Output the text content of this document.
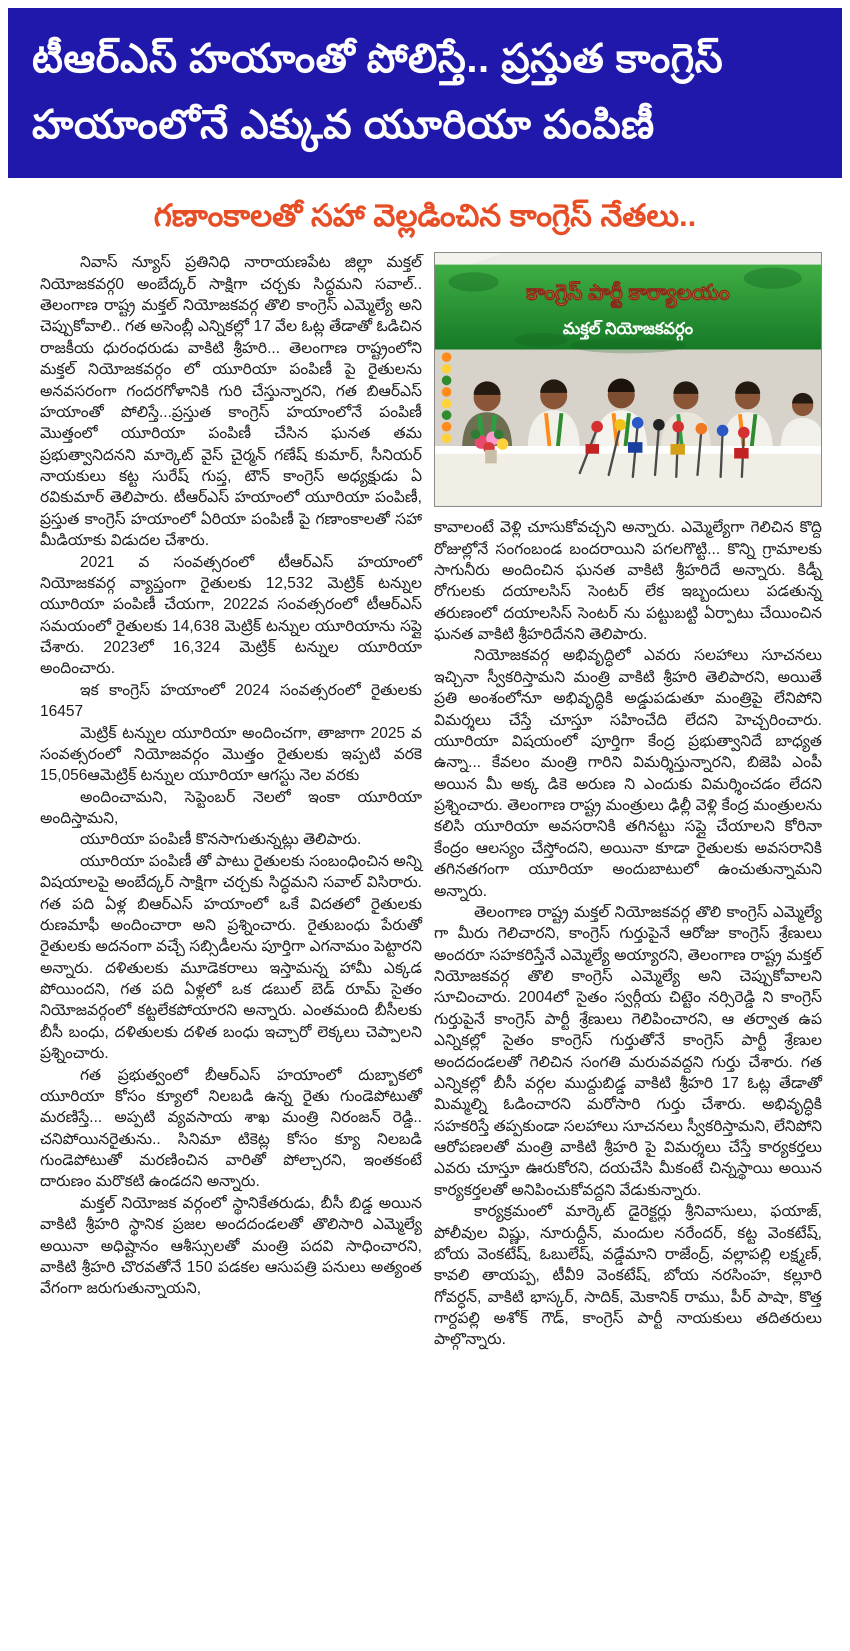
టీఆర్ఎస్ హయాంతో పోలిస్తే.. ప్రస్తుత కాంగ్రెస్
హయాంలోనే ఎక్కువ యూరియా పంపిణీ
గణాంకాలతో సహా వెల్లడించిన కాంగ్రెస్ నేతలు..

నివాస్ న్యూస్ ప్రతినిధి నారాయణపేట జిల్లా మక్తల్ నియోజకవర్గ0 అంబేద్కర్ సాక్షిగా చర్చకు సిద్ధమని సవాల్.. తెలంగాణ రాష్ట్ర మక్తల్ నియోజకవర్గ తొలి కాంగ్రెస్ ఎమ్మెల్యే అని చెప్పుకోవాలి.. గత అసెంబ్లీ ఎన్నికల్లో 17 వేల ఓట్ల తేడాతో ఓడిచిన రాజకీయ ధురంధరుడు వాకిటి శ్రీహరి... తెలంగాణ రాష్ట్రంలోని మక్తల్ నియోజకవర్గం లో యూరియా పంపిణీ పై రైతులను అనవసరంగా గందరగోళానికి గురి చేస్తున్నారని, గత బిఆర్ఎస్ హయాంతో పోలిస్తే...ప్రస్తుత కాంగ్రెస్ హయాంలోనే పంపిణీ మొత్తంలో యూరియా పంపిణీ చేసిన ఘనత తమ ప్రభుత్వానిదనని మార్కెట్ వైస్ చైర్మన్ గణేష్ కుమార్, సీనియర్ నాయకులు కట్ట సురేష్ గుప్త, టౌన్ కాంగ్రెస్ అధ్యక్షుడు ఏ రవికుమార్ తెలిపారు. టీఆర్ఎస్ హయాంలో యూరియా పంపిణీ, ప్రస్తుత కాంగ్రెస్ హయాంలో ఏరియా పంపిణీ పై గణాంకాలతో సహా మీడియాకు విడుదల చేశారు.

2021 వ సంవత్సరంలో టీఆర్ఎస్ హయాంలో నియోజకవర్గ వ్యాప్తంగా రైతులకు 12,532 మెట్రిక్ టన్నుల యూరియా పంపిణీ చేయగా, 2022వ సంవత్సరంలో టీఆర్ఎస్ సమయంలో రైతులకు 14,638 మెట్రిక్ టన్నుల యూరియాను సప్లై చేశారు. 2023లో 16,324 మెట్రిక్ టన్నుల యూరియా అందించారు.

ఇక కాంగ్రెస్ హయాంలో 2024 సంవత్సరంలో రైతులకు 16457

మెట్రిక్ టన్నుల యూరియా అందించగా, తాజాగా 2025 వ సంవత్సరంలో నియోజవర్గం మొత్తం రైతులకు ఇప్పటి వరకె 15,056ఆమెట్రిక్ టన్నుల యూరియా ఆగస్టు నెల వరకు

అందించామని, సెప్టెంబర్ నెలలో ఇంకా యూరియా అందిస్తామని,

యూరియా పంపిణీ కొనసాగుతున్నట్లు తెలిపారు.

యూరియా పంపిణీ తో పాటు రైతులకు సంబంధించిన అన్ని విషయాలపై అంబేద్కర్ సాక్షిగా చర్చకు సిద్ధమని సవాల్ విసిరారు. గత పది ఏళ్ల బిఆర్ఎస్ హయాంలో ఒకే విదతలో రైతులకు రుణమాఫీ అందించారా అని ప్రశ్నించారు. రైతుబంధు పేరుతో రైతులకు అదనంగా వచ్చే సబ్సిడీలను పూర్తిగా ఎగనామం పెట్టారని అన్నారు. దళితులకు మూడెకరాలు ఇస్తామన్న హామీ ఎక్కడ పోయిందని, గత పది ఏళ్లలో ఒక డబుల్ బెడ్ రూమ్ సైతం నియోజవర్గంలో కట్టలేకపోయారని అన్నారు. ఎంతమంది బీసీలకు బీసీ బంధు, దళితులకు దళిత బంధు ఇచ్చారో లెక్కలు చెప్పాలని ప్రశ్నించారు.

గత ప్రభుత్వంలో బీఆర్ఎస్ హయాంలో దుబ్బాకలో యూరియా కోసం క్యూలో నిలబడి ఉన్న రైతు గుండెపోటుతో మరణిస్తే... అప్పటి వ్యవసాయ శాఖ మంత్రి నిరంజన్ రెడ్డి.. చనిపోయినరైతును.. సినిమా టికెట్ల కోసం క్యూ నిలబడి గుండెపోటుతో మరణించిన వారితో పోల్చారని, ఇంతకంటే దారుణం మరొకటి ఉండదని అన్నారు.

మక్తల్ నియోజక వర్గంలో స్థానికేతరుడు, బీసీ బిడ్డ అయిన వాకిటి శ్రీహరి స్థానిక ప్రజల అందదండలతో తొలిసారి ఎమ్మెల్యే అయినా అధిష్టానం ఆశీస్సులతో మంత్రి పదవి సాధించారని, వాకిటి శ్రీహరి చొరవతోనే 150 పడకల ఆసుపత్రి పనులు అత్యంత వేగంగా జరుగుతున్నాయని,

కాంగ్రెస్ పార్టీ కార్యాలయం
మక్తల్ నియోజకవర్గం

కావాలంటే వెళ్లి చూసుకోవచ్చని అన్నారు. ఎమ్మెల్యేగా గెలిచిన కొద్ది రోజుల్లోనే సంగంబండ బందరాయిని పగలగొట్టి... కొన్ని గ్రామాలకు సాగునీరు అందించిన ఘనత వాకిటి శ్రీహరిదే అన్నారు. కిడ్నీ రోగులకు దయాలసిస్ సెంటర్ లేక ఇబ్బందులు పడతున్న తరుణంలో దయాలసిస్ సెంటర్ ను పట్టుబట్టి ఏర్పాటు చేయించిన ఘనత వాకిటి శ్రీహరిదేనని తెలిపారు.

నియోజకవర్గ అభివృద్ధిలో ఎవరు సలహాలు సూచనలు ఇచ్చినా స్వీకరిస్తామని మంత్రి వాకిటి శ్రీహరి తెలిపారని, అయితే ప్రతి అంశంలోనూ అభివృద్ధికి అడ్డుపడుతూ మంత్రిపై లేనిపోని విమర్శలు చేస్తే చూస్తూ సహించేది లేదని హెచ్చరించారు. యూరియా విషయంలో పూర్తిగా కేంద్ర ప్రభుత్వానిదే బాధ్యత ఉన్నా... కేవలం మంత్రి గారిని విమర్శిస్తున్నారని, బిజెపి ఎంపీ అయిన మీ అక్క డికె అరుణ ని ఎందుకు విమర్శించడం లేదని ప్రశ్నించారు. తెలంగాణ రాష్ట్ర మంత్రులు ఢిల్లీ వెళ్లి కేంద్ర మంత్రులను కలిసి యూరియా అవసరానికి తగినట్టు సప్లై చేయాలని కోరినా కేంద్రం ఆలస్యం చేస్తోందని, అయినా కూడా రైతులకు అవసరానికి తగినతగంగా యూరియా అందుబాటులో ఉంచుతున్నామని అన్నారు.

తెలంగాణ రాష్ట్ర మక్తల్ నియోజకవర్గ తొలి కాంగ్రెస్ ఎమ్మెల్యే గా మీరు గెలిచారని, కాంగ్రెస్ గుర్తుపైనే ఆరోజు కాంగ్రెస్ శ్రేణులు అందరూ సహకరిస్తేనే ఎమ్మెల్యే అయ్యారని, తెలంగాణ రాష్ట్ర మక్తల్ నియోజకవర్గ తొలి కాంగ్రెస్ ఎమ్మెల్యే అని చెప్పుకోవాలని సూచించారు. 2004లో సైతం స్వర్గీయ చిట్టెం నర్సిరెడ్డి ని కాంగ్రెస్ గుర్తుపైనే కాంగ్రెస్ పార్టీ శ్రేణులు గెలిపించారని, ఆ తర్వాత ఉప ఎన్నికల్లో సైతం కాంగ్రెస్ గుర్తుతోనే కాంగ్రెస్ పార్టీ శ్రేణుల అందదండలతో గెలిచిన సంగతి మరువవద్దని గుర్తు చేశారు. గత ఎన్నికల్లో బీసీ వర్గల ముద్దుబిడ్డ వాకిటి శ్రీహరి 17 ఓట్ల తేడాతో మిమ్మల్ని ఓడించారని మరోసారి గుర్తు చేశారు. అభివృద్ధికి సహకరిస్తే తప్పకుండా సలహాలు సూచనలు స్వీకరిస్తామని, లేనిపోని ఆరోపణలతో మంత్రి వాకిటి శ్రీహరి పై విమర్శలు చేస్తే కార్యకర్తలు ఎవరు చూస్తూ ఊరుకోరని, దయచేసి మీకంటే చిన్నస్థాయి అయిన కార్యకర్తలతో అనిపించుకోవద్దని వేడుకున్నారు.

కార్యక్రమంలో మార్కెట్ డైరెక్టర్లు శ్రీనివాసులు, ఫయాజ్, పోలీవుల విష్ణు, నూరుద్దీన్, మందుల నరేందర్, కట్ట వెంకటేష్, బోయ వెంకటేష్, ఓబులేష్, వడ్డేమాని రాజేంద్ర్, వల్లాపల్లి లక్ష్మణ్, కావలి తాయప్ప, టీవీ9 వెంకటేష్, బోయ నరసింహ, కల్లూరి గోవర్ధన్, వాకిటి భాస్కర్, సాదిక్, మెకానిక్ రాము, పీర్ పాషా, కొత్త గార్దపల్లి అశోక్ గౌడ్, కాంగ్రెస్ పార్టీ నాయకులు తదితరులు పాల్గొన్నారు.
